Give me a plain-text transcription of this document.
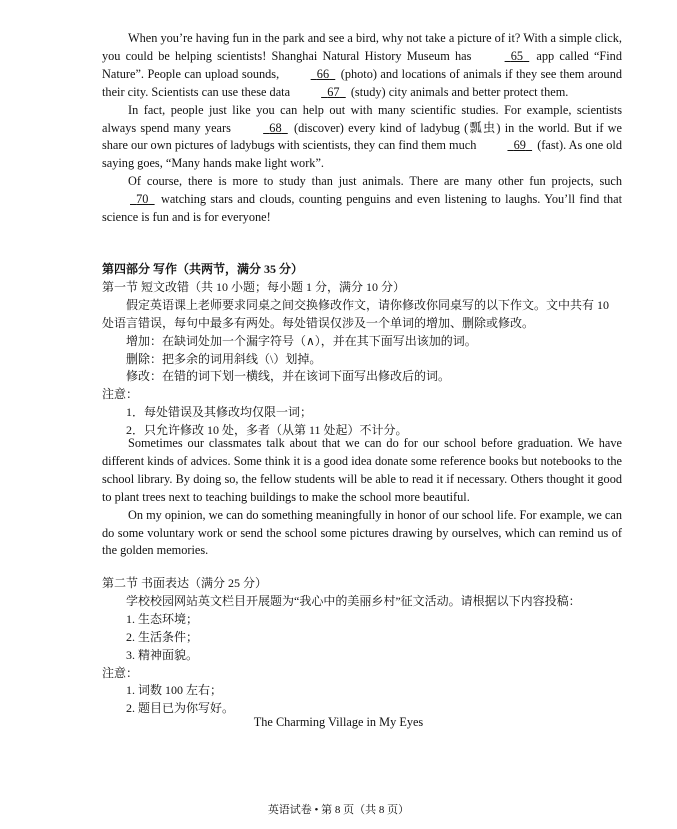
When you’re having fun in the park and see a bird, why not take a picture of it? With a simple click, you could be helping scientists! Shanghai Natural History Museum has	65 app called “Find Nature”. People can upload sounds,	66 (photo) and locations of animals if they see them around their city. Scientists can use these data	67 (study) city animals and better protect them.

In fact, people just like you can help out with many scientific studies. For example, scientists always spend many years	68 (discover) every kind of ladybug (瓢虫) in the world. But if we share our own pictures of ladybugs with scientists, they can find them much	69 (fast). As one old saying goes, “Many hands make light work”.

Of course, there is more to study than just animals. There are many other fun projects, such   70 watching stars and clouds, counting penguins and even listening to laughs. You’ll find that science is fun and is for everyone!

第四部分 写作（共两节，满分 35 分）

第一节 短文改错（共 10 小题；每小题 1 分，满分 10 分）

假定英语课上老师要求同桌之间交换修改作文，请你修改你同桌写的以下作文。文中共有 10 处语言错误，每句中最多有两处。每处错误仅涉及一个单词的增加、删除或修改。

增加：在缺词处加一个漏字符号（∧），并在其下面写出该加的词。

删除：把多余的词用斜线（\）划掉。

修改：在错的词下划一横线，并在该词下面写出修改后的词。

注意：

1．每处错误及其修改均仅限一词；

2．只允许修改 10 处，多者（从第 11 处起）不计分。

Sometimes our classmates talk about that we can do for our school before graduation. We have different kinds of advices. Some think it is a good idea donate some reference books but notebooks to the school library. By doing so, the fellow students will be able to read it if necessary. Others thought it good to plant trees next to teaching buildings to make the school more beautiful.

On my opinion, we can do something meaningfully in honor of our school life. For example, we can do some voluntary work or send the school some pictures drawing by ourselves, which can remind us of the golden memories.

第二节 书面表达（满分 25 分）

学校校园网站英文栏目开展题为“我心中的美丽乡村”征文活动。请根据以下内容投稿：

1. 生态环境；

2. 生活条件；

3. 精神面貌。

注意：

1. 词数 100 左右；

2. 题目已为你写好。

The Charming Village in My Eyes
英语试卷 • 第 8 页（共 8 页）
